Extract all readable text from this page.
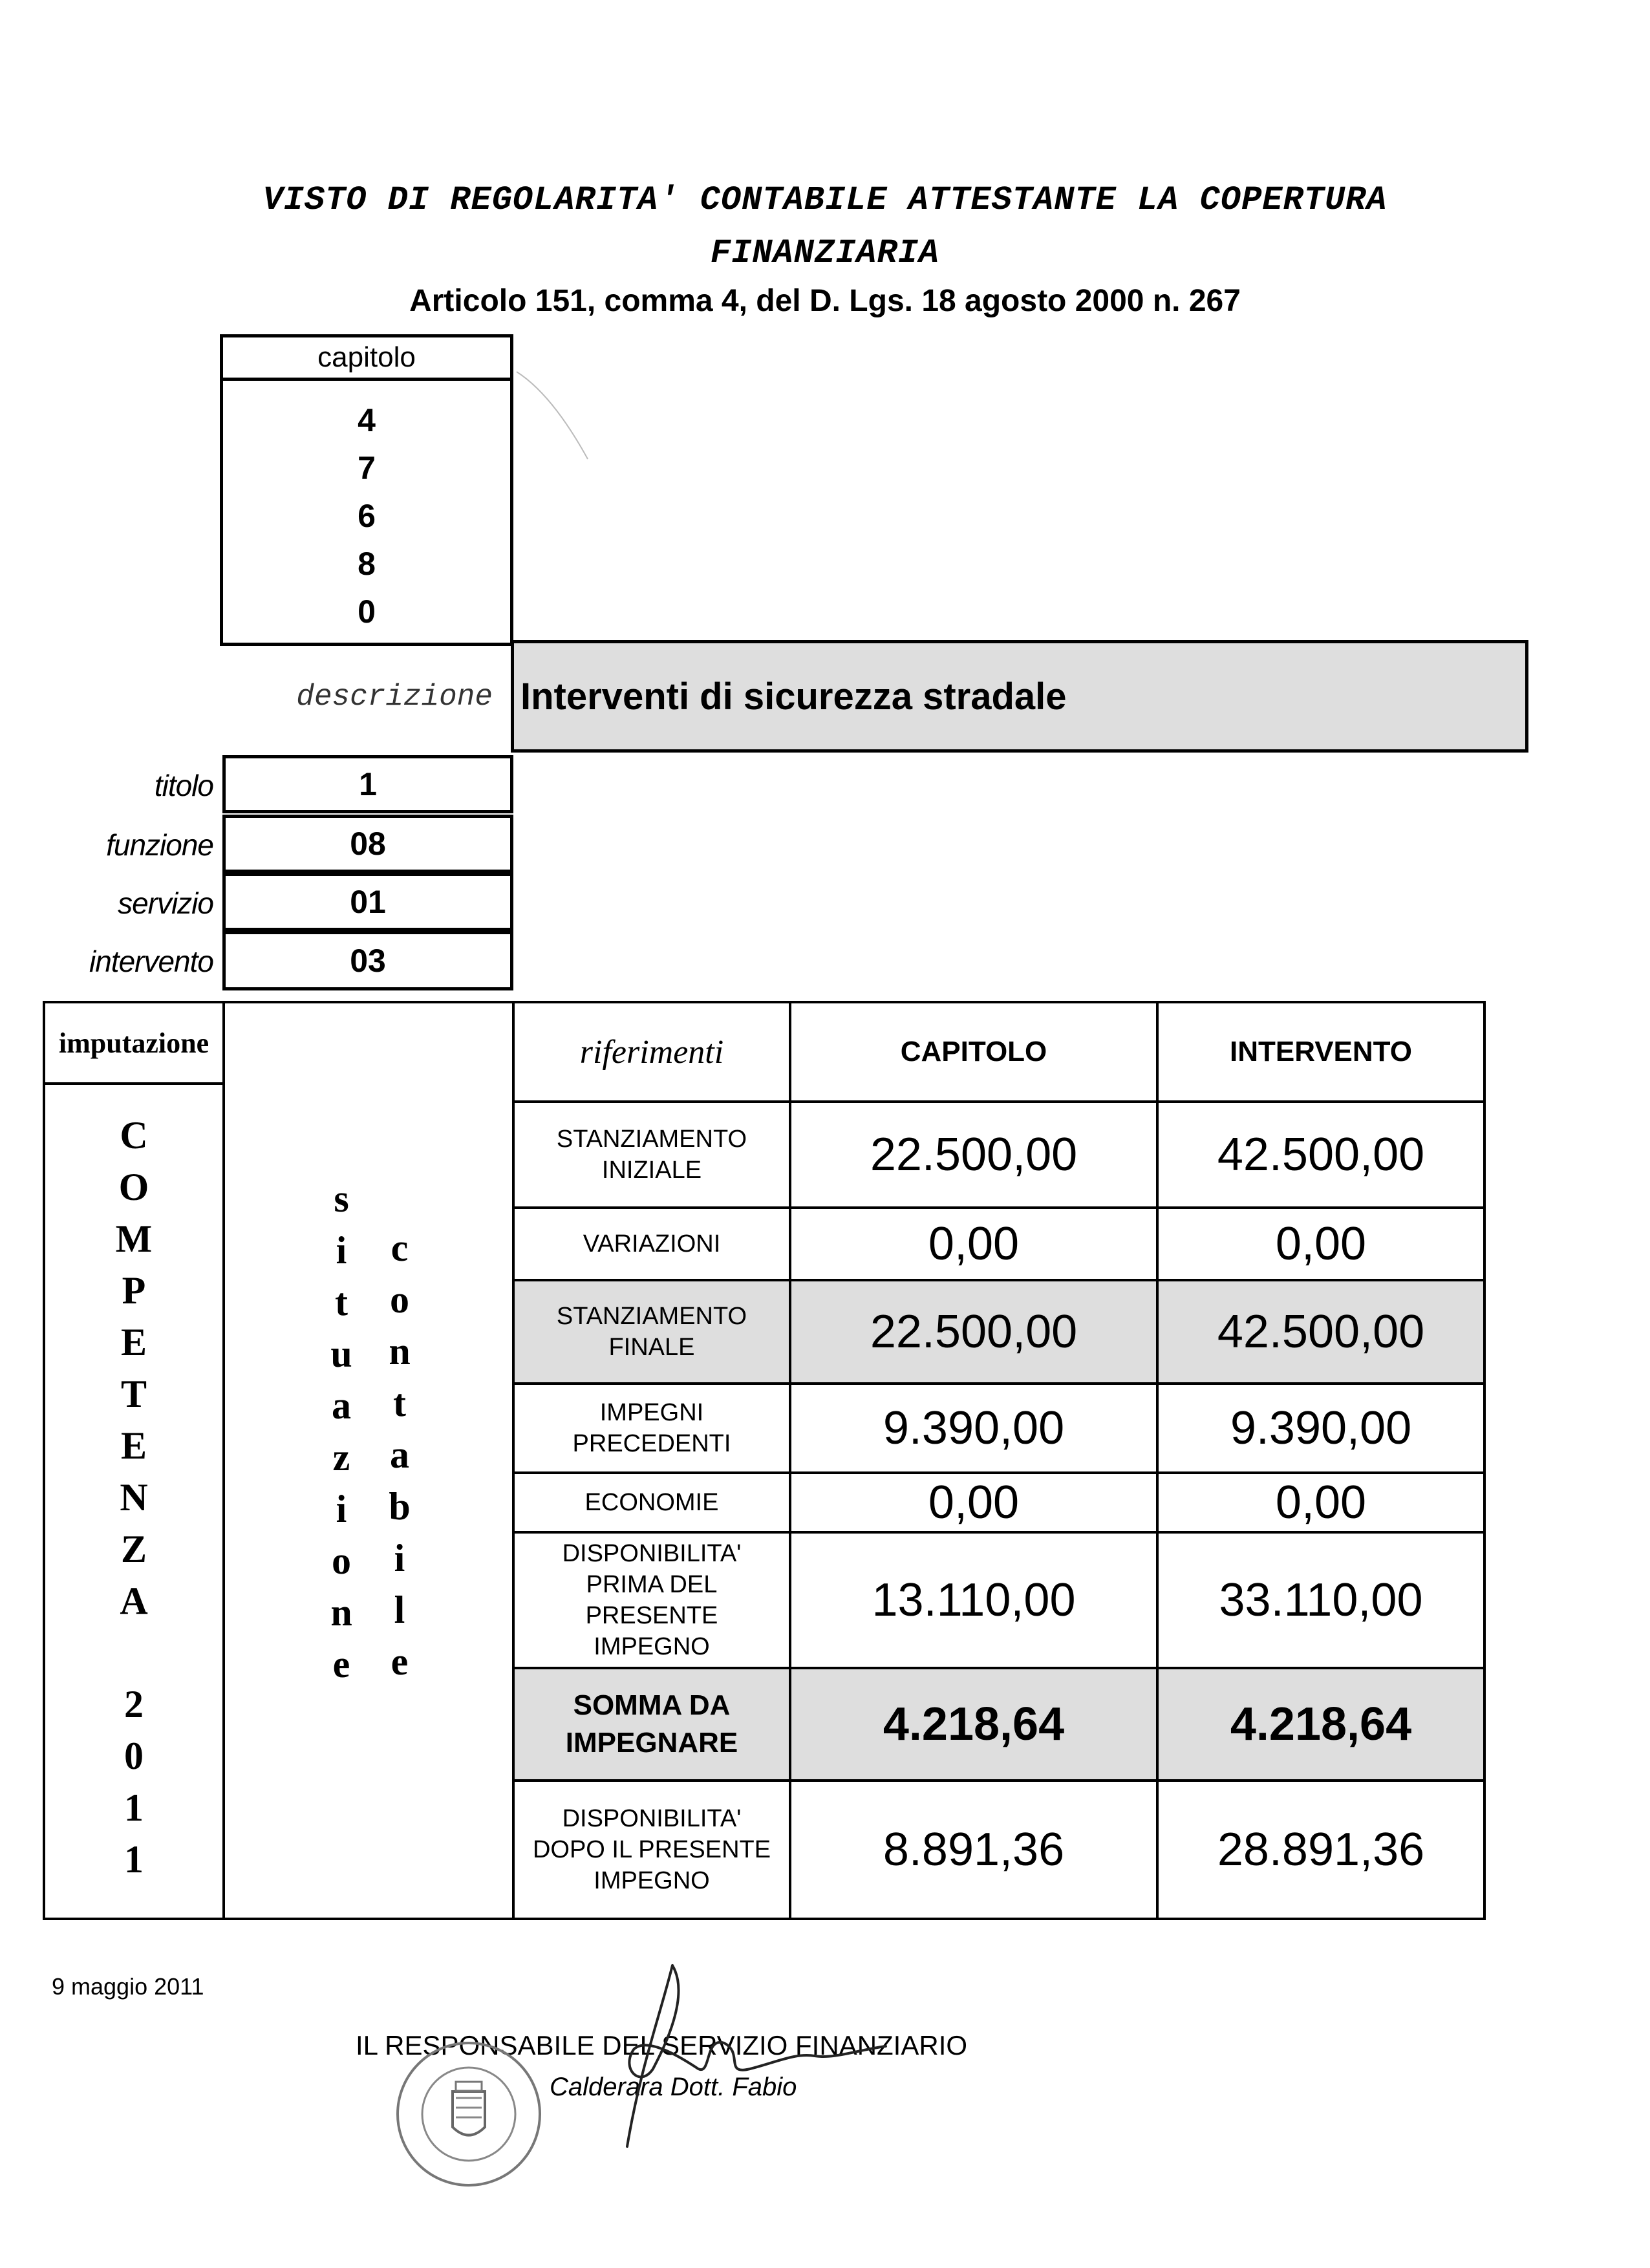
VISTO DI REGOLARITA' CONTABILE ATTESTANTE LA COPERTURA
FINANZIARIA
Articolo 151, comma 4, del D. Lgs. 18 agosto 2000 n. 267
capitolo
4
7
6
8
0
descrizione Interventi di sicurezza stradale
titolo	1
funzione	08
servizio	01
intervento	03
imputazione
C
O
M
P
E
T
E
N
Z
A
2
0
1
1
s
i
t
u
a
z
i
o
n
e
c
o
n
t
a
b
i
l
e
riferimenti	CAPITOLO	INTERVENTO
STANZIAMENTO
INIZIALE	22.500,00	42.500,00
VARIAZIONI	0,00	0,00
STANZIAMENTO
FINALE	22.500,00	42.500,00
IMPEGNI
PRECEDENTI	9.390,00	9.390,00
ECONOMIE	0,00	0,00
DISPONIBILITA'
PRIMA DEL
PRESENTE
IMPEGNO
13.110,00	33.110,00
SOMMA DA
IMPEGNARE	4.218,64	4.218,64
DISPONIBILITA'
DOPO IL PRESENTE
IMPEGNO
8.891,36	28.891,36
9 maggio 2011
IL RESPONSABILE DEL SERVIZIO FINANZIARIO
Calderara Dott. Fabio
